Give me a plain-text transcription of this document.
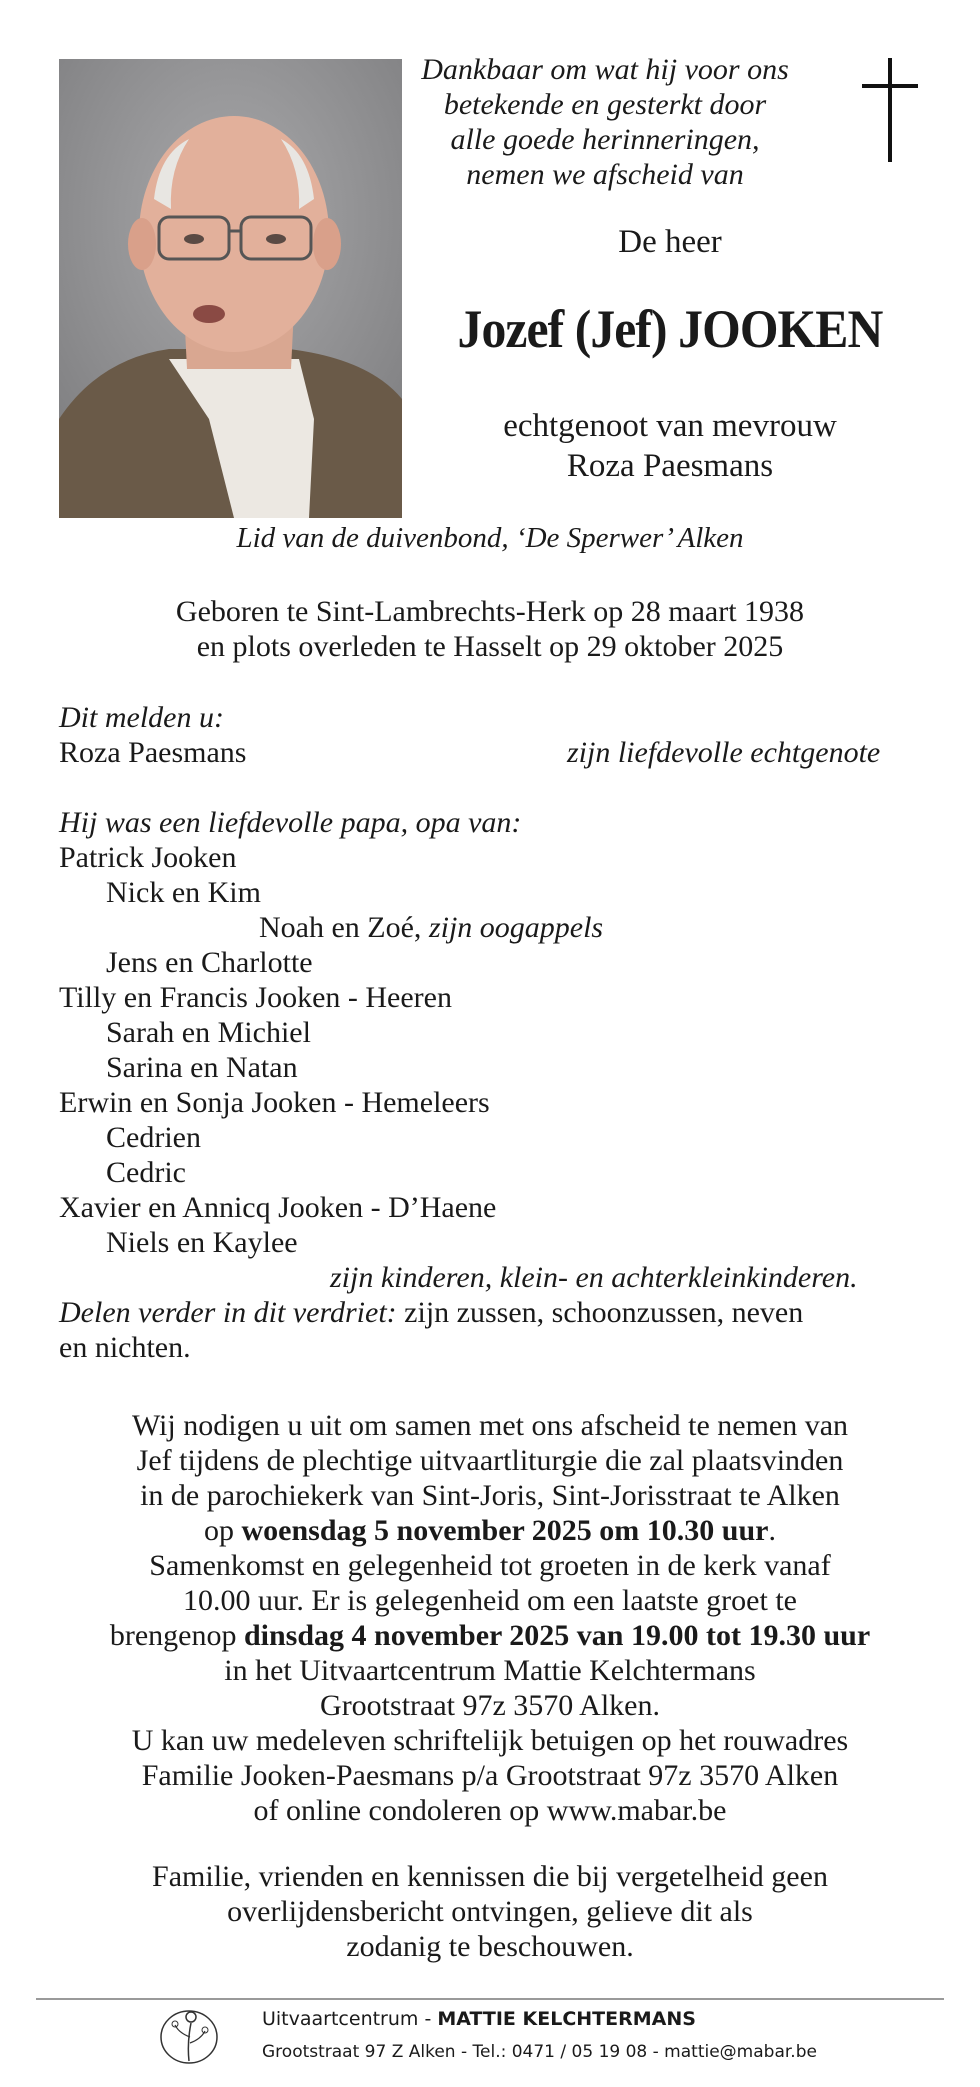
Dankbaar om wat hij voor ons
betekende en gesterkt door
alle goede herinneringen,
nemen we afscheid van
De heer
Jozef (Jef) JOOKEN
echtgenoot van mevrouw
Roza Paesmans
Lid van de duivenbond, ‘De Sperwer’ Alken
Geboren te Sint-Lambrechts-Herk op 28 maart 1938
en plots overleden te Hasselt op 29 oktober 2025
Dit melden u:
Roza Paesmans	zijn liefdevolle echtgenote
Hij was een liefdevolle papa, opa van:
Patrick Jooken
Nick en Kim
Noah en Zoé, zijn oogappels
Jens en Charlotte
Tilly en Francis Jooken - Heeren
Sarah en Michiel
Sarina en Natan
Erwin en Sonja Jooken - Hemeleers
Cedrien
Cedric
Xavier en Annicq Jooken - D’Haene
Niels en Kaylee
zijn kinderen, klein- en achterkleinkinderen.
Delen verder in dit verdriet: zijn zussen, schoonzussen, neven
en nichten.
Wij nodigen u uit om samen met ons afscheid te nemen van
Jef tijdens de plechtige uitvaartliturgie die zal plaatsvinden
in de parochiekerk van Sint-Joris, Sint-Jorisstraat te Alken
op woensdag 5 november 2025 om 10.30 uur.
Samenkomst en gelegenheid tot groeten in de kerk vanaf
10.00 uur. Er is gelegenheid om een laatste groet te
brengenop dinsdag 4 november 2025 van 19.00 tot 19.30 uur
in het Uitvaartcentrum Mattie Kelchtermans
Grootstraat 97z 3570 Alken.
U kan uw medeleven schriftelijk betuigen op het rouwadres
Familie Jooken-Paesmans p/a Grootstraat 97z 3570 Alken
of online condoleren op www.mabar.be
Familie, vrienden en kennissen die bij vergetelheid geen
overlijdensbericht ontvingen, gelieve dit als
zodanig te beschouwen.
Uitvaartcentrum - MATTIE KELCHTERMANS
Grootstraat 97 Z Alken - Tel.: 0471 / 05 19 08 - mattie@mabar.be
